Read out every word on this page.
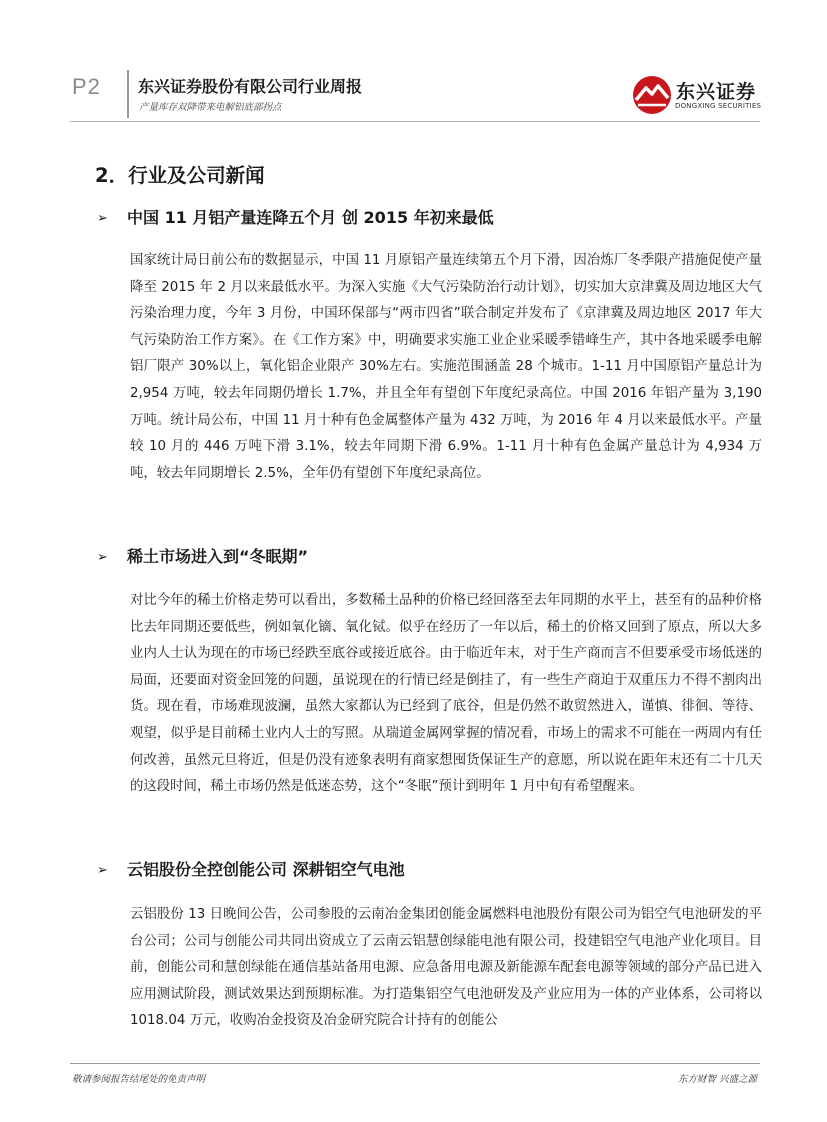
P2 东兴证券股份有限公司行业周报
产量库存双降带来电解铝底部拐点
东兴证券
DONGXING SECURITIES
2．行业及公司新闻
➢ 中国 11 月铝产量连降五个月 创 2015 年初来最低
国家统计局日前公布的数据显示，中国 11 月原铝产量连续第五个月下滑，因冶炼厂冬季限产措施促使产量降至 2015 年 2 月以来最低水平。为深入实施《大气污染防治行动计划》，切实加大京津冀及周边地区大气污染治理力度，今年 3 月份，中国环保部与“两市四省”联合制定并发布了《京津冀及周边地区 2017 年大气污染防治工作方案》。在《工作方案》中，明确要求实施工业企业采暖季错峰生产，其中各地采暖季电解铝厂限产 30%以上，氧化铝企业限产 30%左右。实施范围涵盖 28 个城市。1-11 月中国原铝产量总计为 2,954 万吨，较去年同期仍增长 1.7%，并且全年有望创下年度纪录高位。中国 2016 年铝产量为 3,190 万吨。统计局公布，中国 11 月十种有色金属整体产量为 432 万吨，为 2016 年 4 月以来最低水平。产量较 10 月的 446 万吨下滑 3.1%，较去年同期下滑 6.9%。1-11 月十种有色金属产量总计为 4,934 万吨，较去年同期增长 2.5%，全年仍有望创下年度纪录高位。
➢ 稀土市场进入到“冬眠期”
对比今年的稀土价格走势可以看出，多数稀土品种的价格已经回落至去年同期的水平上，甚至有的品种价格比去年同期还要低些，例如氧化镝、氧化铽。似乎在经历了一年以后，稀土的价格又回到了原点，所以大多业内人士认为现在的市场已经跌至底谷或接近底谷。由于临近年末，对于生产商而言不但要承受市场低迷的局面，还要面对资金回笼的问题，虽说现在的行情已经是倒挂了，有一些生产商迫于双重压力不得不割肉出货。现在看，市场难现波澜，虽然大家都认为已经到了底谷，但是仍然不敢贸然进入，谨慎、徘徊、等待、观望，似乎是目前稀土业内人士的写照。从瑞道金属网掌握的情况看，市场上的需求不可能在一两周内有任何改善，虽然元旦将近，但是仍没有迹象表明有商家想囤货保证生产的意愿，所以说在距年末还有二十几天的这段时间，稀土市场仍然是低迷态势，这个“冬眠”预计到明年 1 月中旬有希望醒来。
➢ 云铝股份全控创能公司 深耕铝空气电池
云铝股份 13 日晚间公告，公司参股的云南冶金集团创能金属燃料电池股份有限公司为铝空气电池研发的平台公司；公司与创能公司共同出资成立了云南云铝慧创绿能电池有限公司，投建铝空气电池产业化项目。目前，创能公司和慧创绿能在通信基站备用电源、应急备用电源及新能源车配套电源等领域的部分产品已进入应用测试阶段，测试效果达到预期标准。为打造集铝空气电池研发及产业应用为一体的产业体系，公司将以 1018.04 万元，收购冶金投资及冶金研究院合计持有的创能公
敬请参阅报告结尾处的免责声明	东方财智 兴盛之源
